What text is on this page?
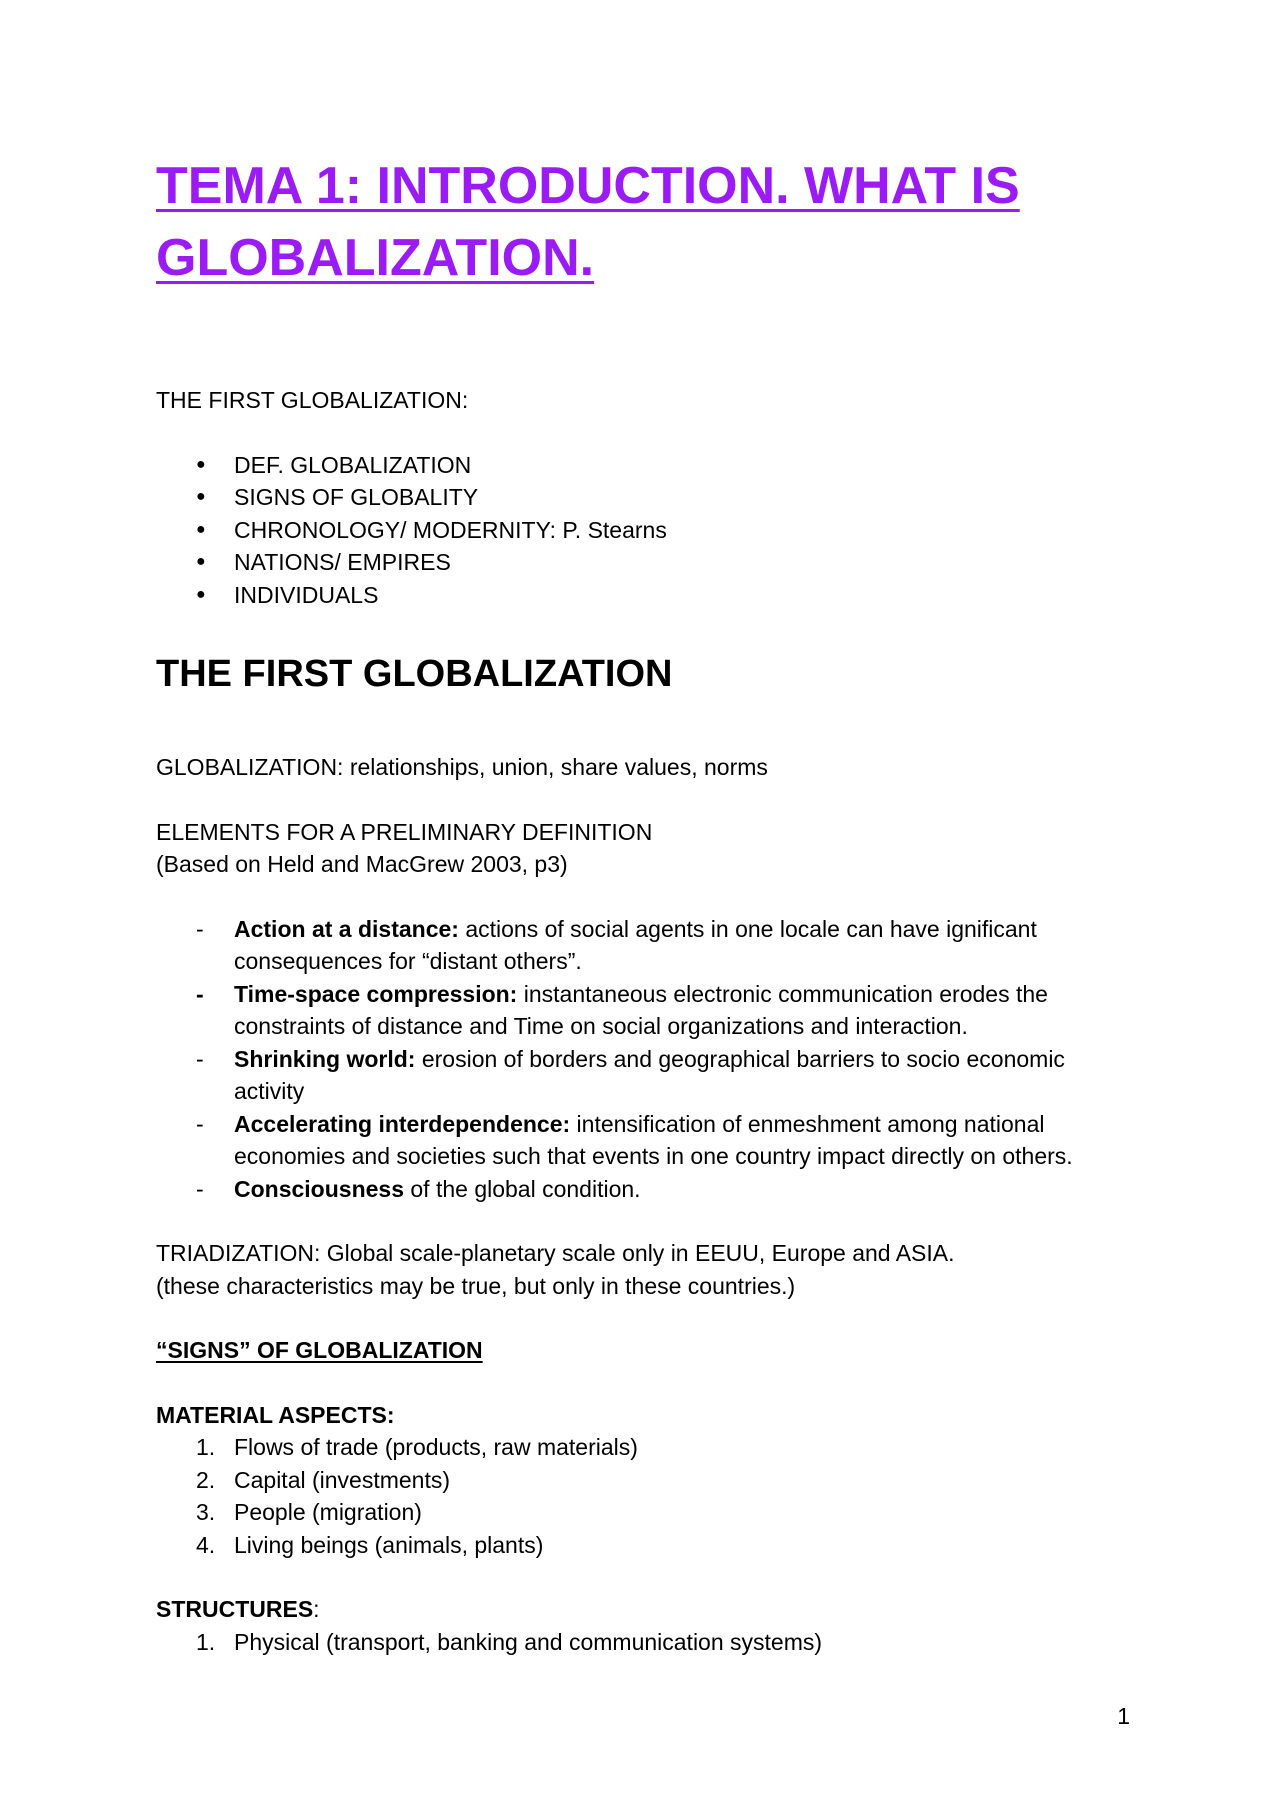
TEMA 1: INTRODUCTION. WHAT IS
GLOBALIZATION.

THE FIRST GLOBALIZATION:

● DEF. GLOBALIZATION
● SIGNS OF GLOBALITY
● CHRONOLOGY/ MODERNITY: P. Stearns
● NATIONS/ EMPIRES
● INDIVIDUALS
THE FIRST GLOBALIZATION

GLOBALIZATION: relationships, union, share values, norms

ELEMENTS FOR A PRELIMINARY DEFINITION

(Based on Held and MacGrew 2003, p3)

- Action at a distance: actions of social agents in one locale can have ignificant consequences for “distant others”.
- Time-space compression: instantaneous electronic communication erodes the constraints of distance and Time on social organizations and interaction.
- Shrinking world: erosion of borders and geographical barriers to socio economic activity
- Accelerating interdependence: intensification of enmeshment among national economies and societies such that events in one country impact directly on others.
- Consciousness of the global condition.

TRIADIZATION: Global scale-planetary scale only in EEUU, Europe and ASIA.

(these characteristics may be true, but only in these countries.)

“SIGNS” OF GLOBALIZATION

MATERIAL ASPECTS:

1. Flows of trade (products, raw materials)
2. Capital (investments)
3. People (migration)
4. Living beings (animals, plants)

STRUCTURES:

1. Physical (transport, banking and communication systems)
1
